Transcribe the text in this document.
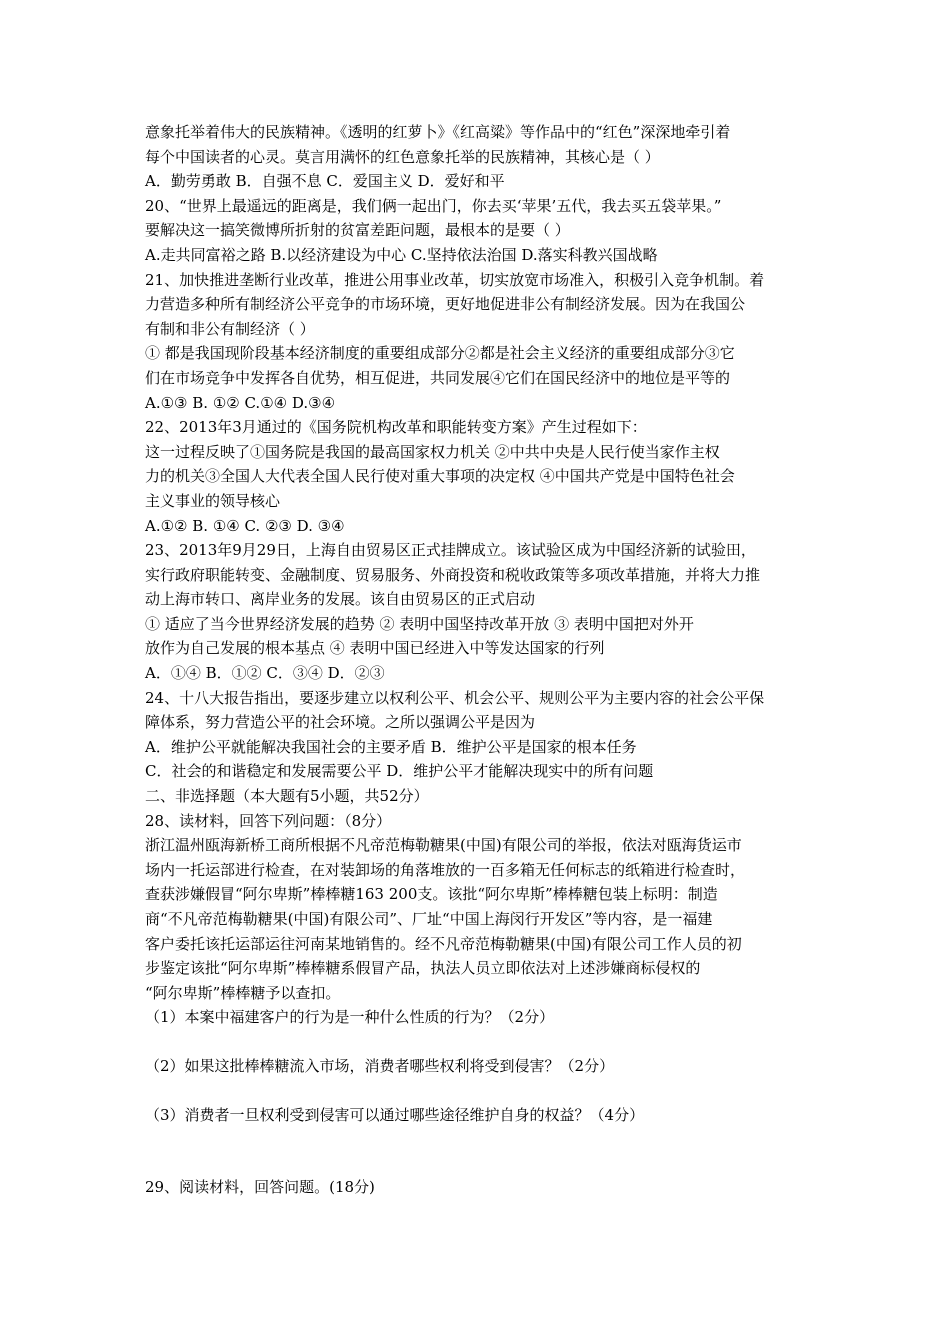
意象托举着伟大的民族精神。《透明的红萝卜》《红高粱》等作品中的“红色”深深地牵引着
每个中国读者的心灵。莫言用满怀的红色意象托举的民族精神，其核心是（ ）
A．勤劳勇敢 B．自强不息 C．爱国主义 D．爱好和平
20、“世界上最遥远的距离是，我们俩一起出门，你去买‘苹果’五代，我去买五袋苹果。”
要解决这一搞笑微博所折射的贫富差距问题，最根本的是要（ ）
A.走共同富裕之路 B.以经济建设为中心 C.坚持依法治国 D.落实科教兴国战略
21、加快推进垄断行业改革，推进公用事业改革，切实放宽市场准入，积极引入竞争机制。着
力营造多种所有制经济公平竞争的市场环境，更好地促进非公有制经济发展。因为在我国公
有制和非公有制经济（ ）
① 都是我国现阶段基本经济制度的重要组成部分②都是社会主义经济的重要组成部分③它
们在市场竞争中发挥各自优势，相互促进，共同发展④它们在国民经济中的地位是平等的
A.①③ B. ①② C.①④ D.③④
22、2013年3月通过的《国务院机构改革和职能转变方案》产生过程如下：
这一过程反映了①国务院是我国的最高国家权力机关 ②中共中央是人民行使当家作主权
力的机关③全国人大代表全国人民行使对重大事项的决定权 ④中国共产党是中国特色社会
主义事业的领导核心
A.①② B. ①④ C. ②③ D. ③④
23、2013年9月29日，上海自由贸易区正式挂牌成立。该试验区成为中国经济新的试验田，
实行政府职能转变、金融制度、贸易服务、外商投资和税收政策等多项改革措施，并将大力推
动上海市转口、离岸业务的发展。该自由贸易区的正式启动
① 适应了当今世界经济发展的趋势 ② 表明中国坚持改革开放 ③ 表明中国把对外开
放作为自己发展的根本基点 ④ 表明中国已经进入中等发达国家的行列
A．①④ B．①② C．③④ D．②③
24、十八大报告指出，要逐步建立以权利公平、机会公平、规则公平为主要内容的社会公平保
障体系，努力营造公平的社会环境。之所以强调公平是因为
A．维护公平就能解决我国社会的主要矛盾 B．维护公平是国家的根本任务
C．社会的和谐稳定和发展需要公平 D．维护公平才能解决现实中的所有问题
二、非选择题（本大题有5小题，共52分）
28、读材料，回答下列问题：（8分）
浙江温州瓯海新桥工商所根据不凡帝范梅勒糖果(中国)有限公司的举报，依法对瓯海货运市
场内一托运部进行检查，在对装卸场的角落堆放的一百多箱无任何标志的纸箱进行检查时，
查获涉嫌假冒“阿尔卑斯”棒棒糖163 200支。该批“阿尔卑斯”棒棒糖包装上标明：制造
商“不凡帝范梅勒糖果(中国)有限公司”、厂址“中国上海闵行开发区”等内容，是一福建
客户委托该托运部运往河南某地销售的。经不凡帝范梅勒糖果(中国)有限公司工作人员的初
步鉴定该批“阿尔卑斯”棒棒糖系假冒产品，执法人员立即依法对上述涉嫌商标侵权的
“阿尔卑斯”棒棒糖予以查扣。
（1）本案中福建客户的行为是一种什么性质的行为？（2分）
（2）如果这批棒棒糖流入市场，消费者哪些权利将受到侵害？（2分）
（3）消费者一旦权利受到侵害可以通过哪些途径维护自身的权益？（4分）
29、阅读材料，回答问题。(18分)
